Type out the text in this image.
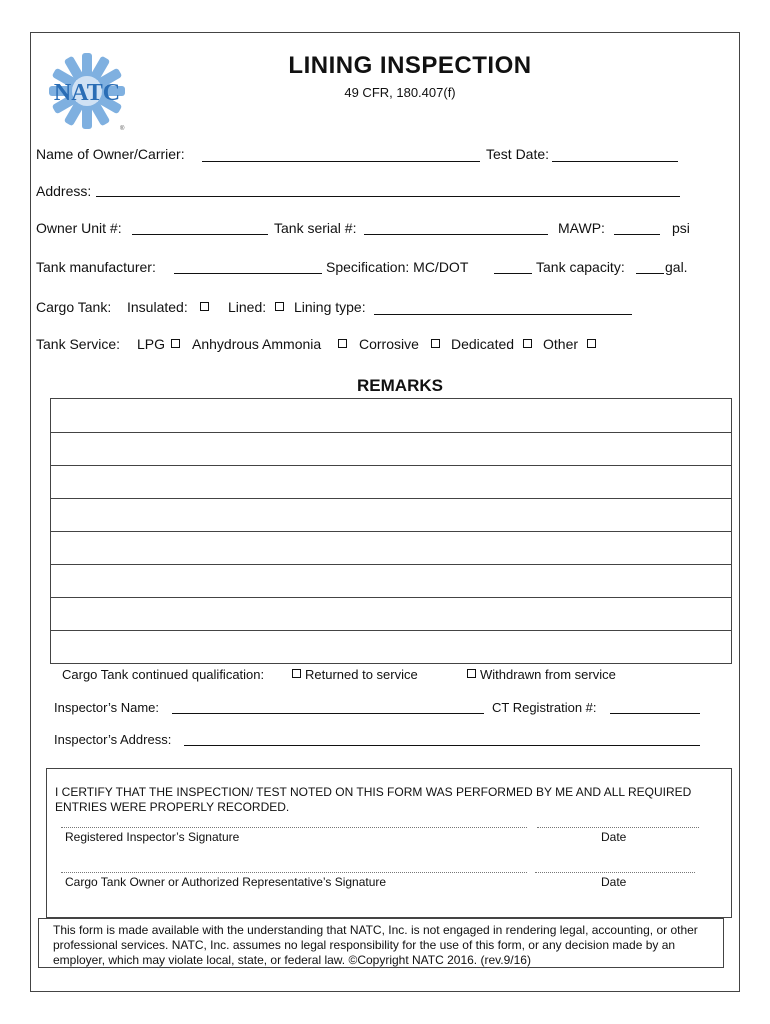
NATC
®
LINING INSPECTION
49 CFR, 180.407(f)
Name of Owner/Carrier:	Test Date:
Address:
Owner Unit #:	Tank serial #:	MAWP:	psi
Tank manufacturer:	Specification: MC/DOT	Tank capacity:	gal.
Cargo Tank: Insulated:	Lined: Lining type:
Tank Service: LPG Anhydrous Ammonia	Corrosive Dedicated Other
REMARKS
Cargo Tank continued qualification:	Returned to service	Withdrawn from service
Inspector’s Name:	CT Registration #:
Inspector’s Address:
I CERTIFY THAT THE INSPECTION/ TEST NOTED ON THIS FORM WAS PERFORMED BY ME AND ALL REQUIRED ENTRIES WERE PROPERLY RECORDED.
Registered Inspector’s Signature	Date
Cargo Tank Owner or Authorized Representative’s Signature	Date
This form is made available with the understanding that NATC, Inc. is not engaged in rendering legal, accounting, or other professional services. NATC, Inc. assumes no legal responsibility for the use of this form, or any decision made by an employer, which may violate local, state, or federal law. ©Copyright NATC 2016. (rev.9/16)
